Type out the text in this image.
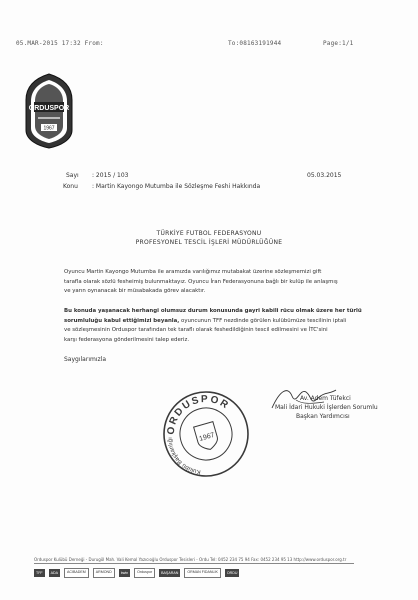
05.MAR-2015 17:32 From:	To:08163191944	Page:1/1
ORDUSPOR
1967
Sayı : 2015 / 103	05.03.2015
Konu : Martin Kayongo Mutumba ile Sözleşme Feshi Hakkında
TÜRKİYE FUTBOL FEDERASYONU
PROFESYONEL TESCİL İŞLERİ MÜDÜRLÜĞÜNE
Oyuncu Martin Kayongo Mutumba ile aramızda varılığımız mutabakat üzerine sözleşmemizi gift
tarafla olarak sözlü fesheimiş bulunmaktayız. Oyuncu İran Federasyonuna bağlı bir kulüp ile anlaşmış
ve yarın oynanacak bir müsabakada görev alacaktır.
Bu konuda yaşanacak herhangi olumsuz durum konusunda gayri kabili rücu olmak üzere her türlü
sorumluluğu kabul ettiğimizi beyanla, oyuncunun TFF nezdinde görülen kulübümüze tescilinin iptali
ve sözleşmesinin Orduspor tarafından tek taraflı olarak feshedildiğinin tescil edilmesini ve İTC'sini
karşı federasyona gönderilmesini talep ederiz.
Saygılarımızla
Av. Adem Tüfekci
Mali İdari Hukuki İşlerden Sorumlu
Başkan Yardımcısı
ORDUSPOR
Kulübü Başkanlığı	1967
Orduspor Kulübü Derneği - Durugöl Mah. Vali Kemal Yazıcıoğlu Orduspor Tesisleri - Ordu Tel: 0452 234 75 94 Fax: 0452 234 95 13 http://www.orduspor.org.tr
TFF	ADA	ACIBADEM	ARMOND	bwin	Orduspor	BAŞARAN	ORMAN FIDANLIK	ORDU
